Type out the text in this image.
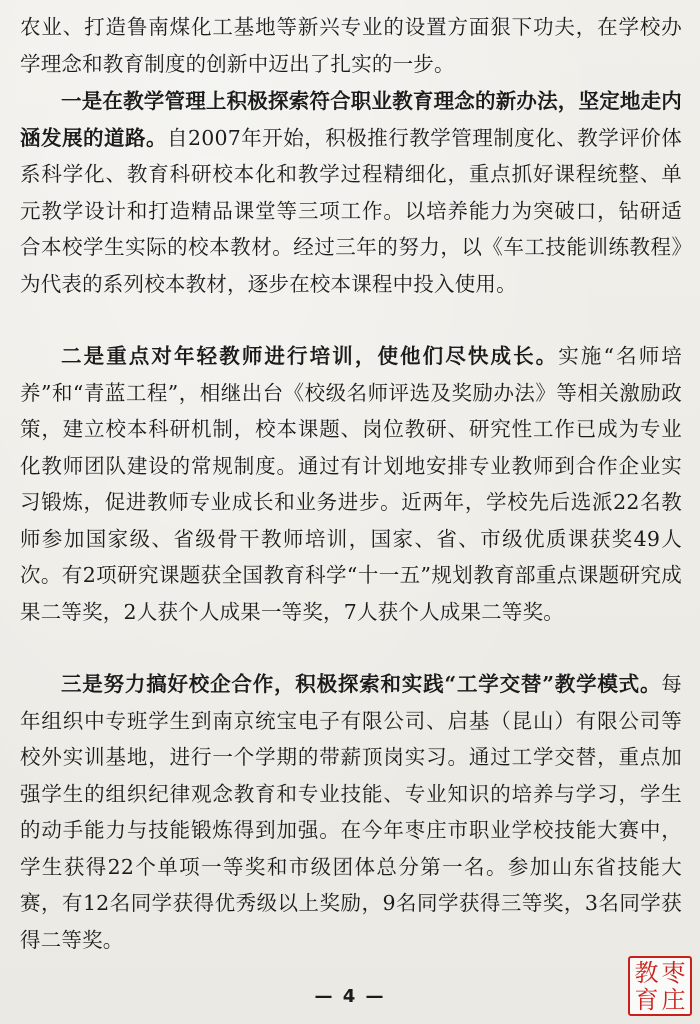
农业、打造鲁南煤化工基地等新兴专业的设置方面狠下功夫，在学校办学理念和教育制度的创新中迈出了扎实的一步。

一是在教学管理上积极探索符合职业教育理念的新办法，坚定地走内涵发展的道路。自2007年开始，积极推行教学管理制度化、教学评价体系科学化、教育科研校本化和教学过程精细化，重点抓好课程统整、单元教学设计和打造精品课堂等三项工作。以培养能力为突破口，钻研适合本校学生实际的校本教材。经过三年的努力，以《车工技能训练教程》为代表的系列校本教材，逐步在校本课程中投入使用。

二是重点对年轻教师进行培训，使他们尽快成长。实施“名师培养”和“青蓝工程”，相继出台《校级名师评选及奖励办法》等相关激励政策，建立校本科研机制，校本课题、岗位教研、研究性工作已成为专业化教师团队建设的常规制度。通过有计划地安排专业教师到合作企业实习锻炼，促进教师专业成长和业务进步。近两年，学校先后选派22名教师参加国家级、省级骨干教师培训，国家、省、市级优质课获奖49人次。有2项研究课题获全国教育科学“十一五”规划教育部重点课题研究成果二等奖，2人获个人成果一等奖，7人获个人成果二等奖。

三是努力搞好校企合作，积极探索和实践“工学交替”教学模式。每年组织中专班学生到南京统宝电子有限公司、启基（昆山）有限公司等校外实训基地，进行一个学期的带薪顶岗实习。通过工学交替，重点加强学生的组织纪律观念教育和专业技能、专业知识的培养与学习，学生的动手能力与技能锻炼得到加强。在今年枣庄市职业学校技能大赛中，学生获得22个单项一等奖和市级团体总分第一名。参加山东省技能大赛，有12名同学获得优秀级以上奖励，9名同学获得三等奖，3名同学获得二等奖。

— 4 —
教 枣
育 庄
